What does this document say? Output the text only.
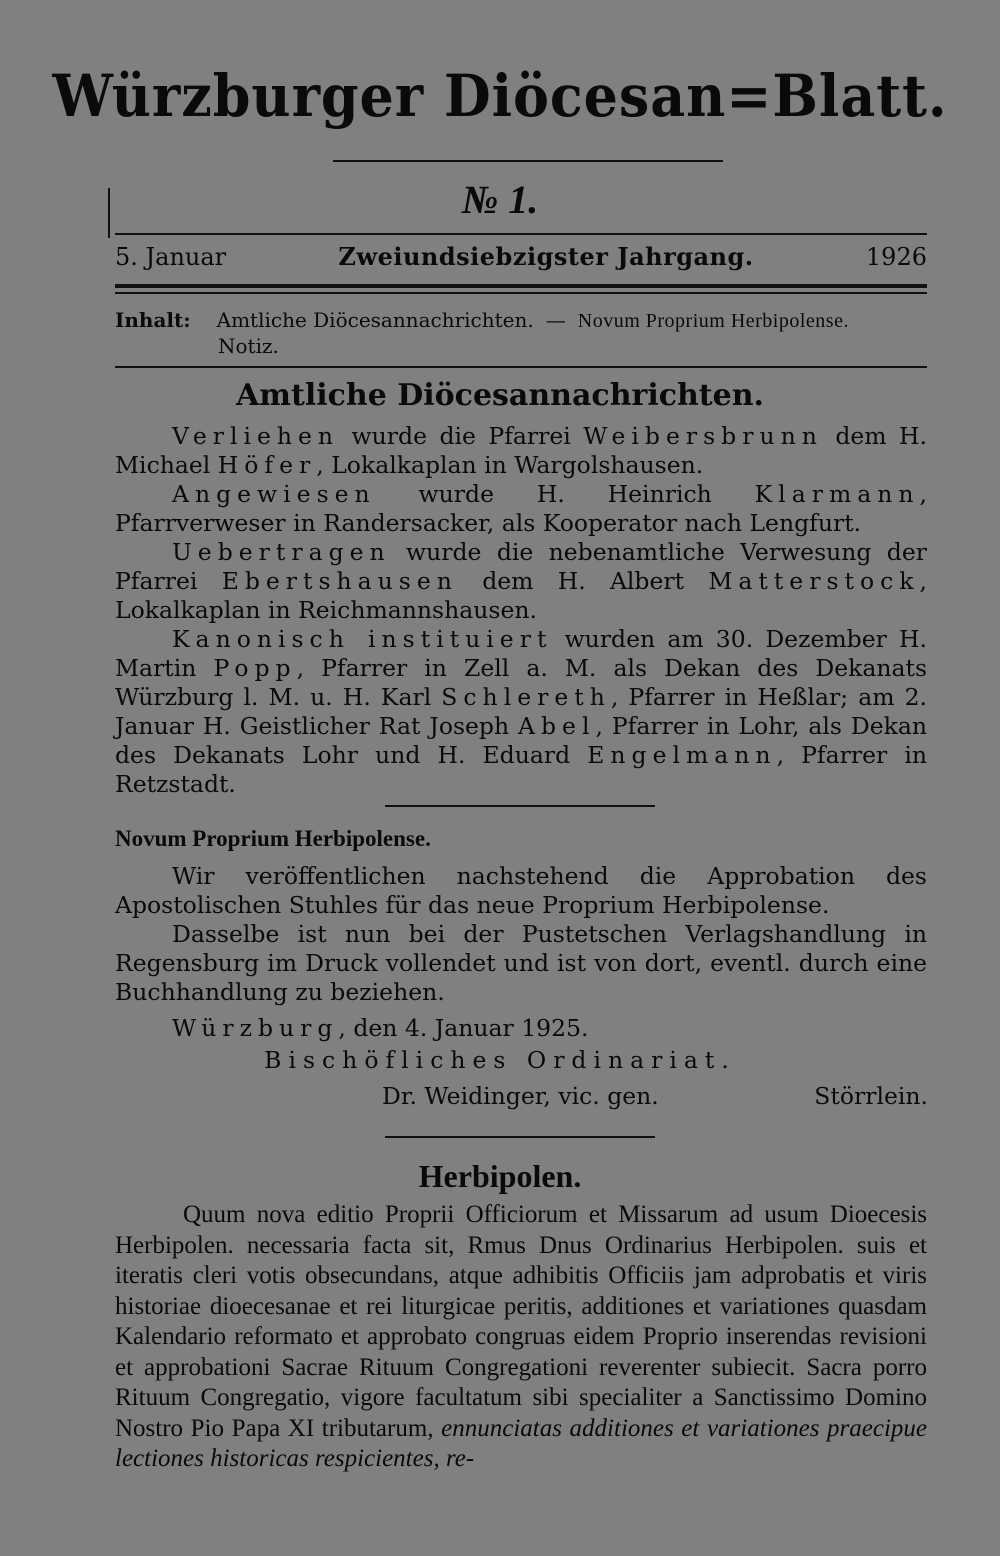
Würzburger Diöcesan=Blatt.
№ 1.
5. Januar	Zweiundsiebzigster Jahrgang.	1926
Inhalt: Amtliche Diöcesannachrichten. — Novum Proprium Herbipolense.
Notiz.
Amtliche Diöcesannachrichten.

Verliehen wurde die Pfarrei Weibersbrunn dem H. Michael Höfer, Lokalkaplan in Wargolshausen.

Angewiesen wurde H. Heinrich Klarmann, Pfarrverweser in Randersacker, als Kooperator nach Lengfurt.

Uebertragen wurde die nebenamtliche Verwesung der Pfarrei Ebertshausen dem H. Albert Matterstock, Lokalkaplan in Reichmannshausen.

Kanonisch instituiert wurden am 30. Dezember H. Martin Popp, Pfarrer in Zell a. M. als Dekan des Dekanats Würzburg l. M. u. H. Karl Schlereth, Pfarrer in Heßlar; am 2. Januar H. Geistlicher Rat Joseph Abel, Pfarrer in Lohr, als Dekan des Dekanats Lohr und H. Eduard Engelmann, Pfarrer in Retzstadt.

Novum Proprium Herbipolense.

Wir veröffentlichen nachstehend die Approbation des Apostolischen Stuhles für das neue Proprium Herbipolense.

Dasselbe ist nun bei der Pustetschen Verlagshandlung in Regensburg im Druck vollendet und ist von dort, eventl. durch eine Buchhandlung zu beziehen.

Würzburg, den 4. Januar 1925.
Bischöfliches Ordinariat.
Dr. Weidinger, vic. gen.	Störrlein.
Herbipolen.

Quum nova editio Proprii Officiorum et Missarum ad usum Dioecesis Herbipolen. necessaria facta sit, Rmus Dnus Ordinarius Herbipolen. suis et iteratis cleri votis obsecundans, atque adhibitis Officiis jam adprobatis et viris historiae dioecesanae et rei liturgicae peritis, additiones et variationes quasdam Kalendario reformato et approbato congruas eidem Proprio inserendas revisioni et approbationi Sacrae Rituum Congregationi reverenter subiecit. Sacra porro Rituum Congregatio, vigore facultatum sibi specialiter a Sanctissimo Domino Nostro Pio Papa XI tributarum, ennunciatas additiones et variationes praecipue lectiones historicas respicientes, re-
